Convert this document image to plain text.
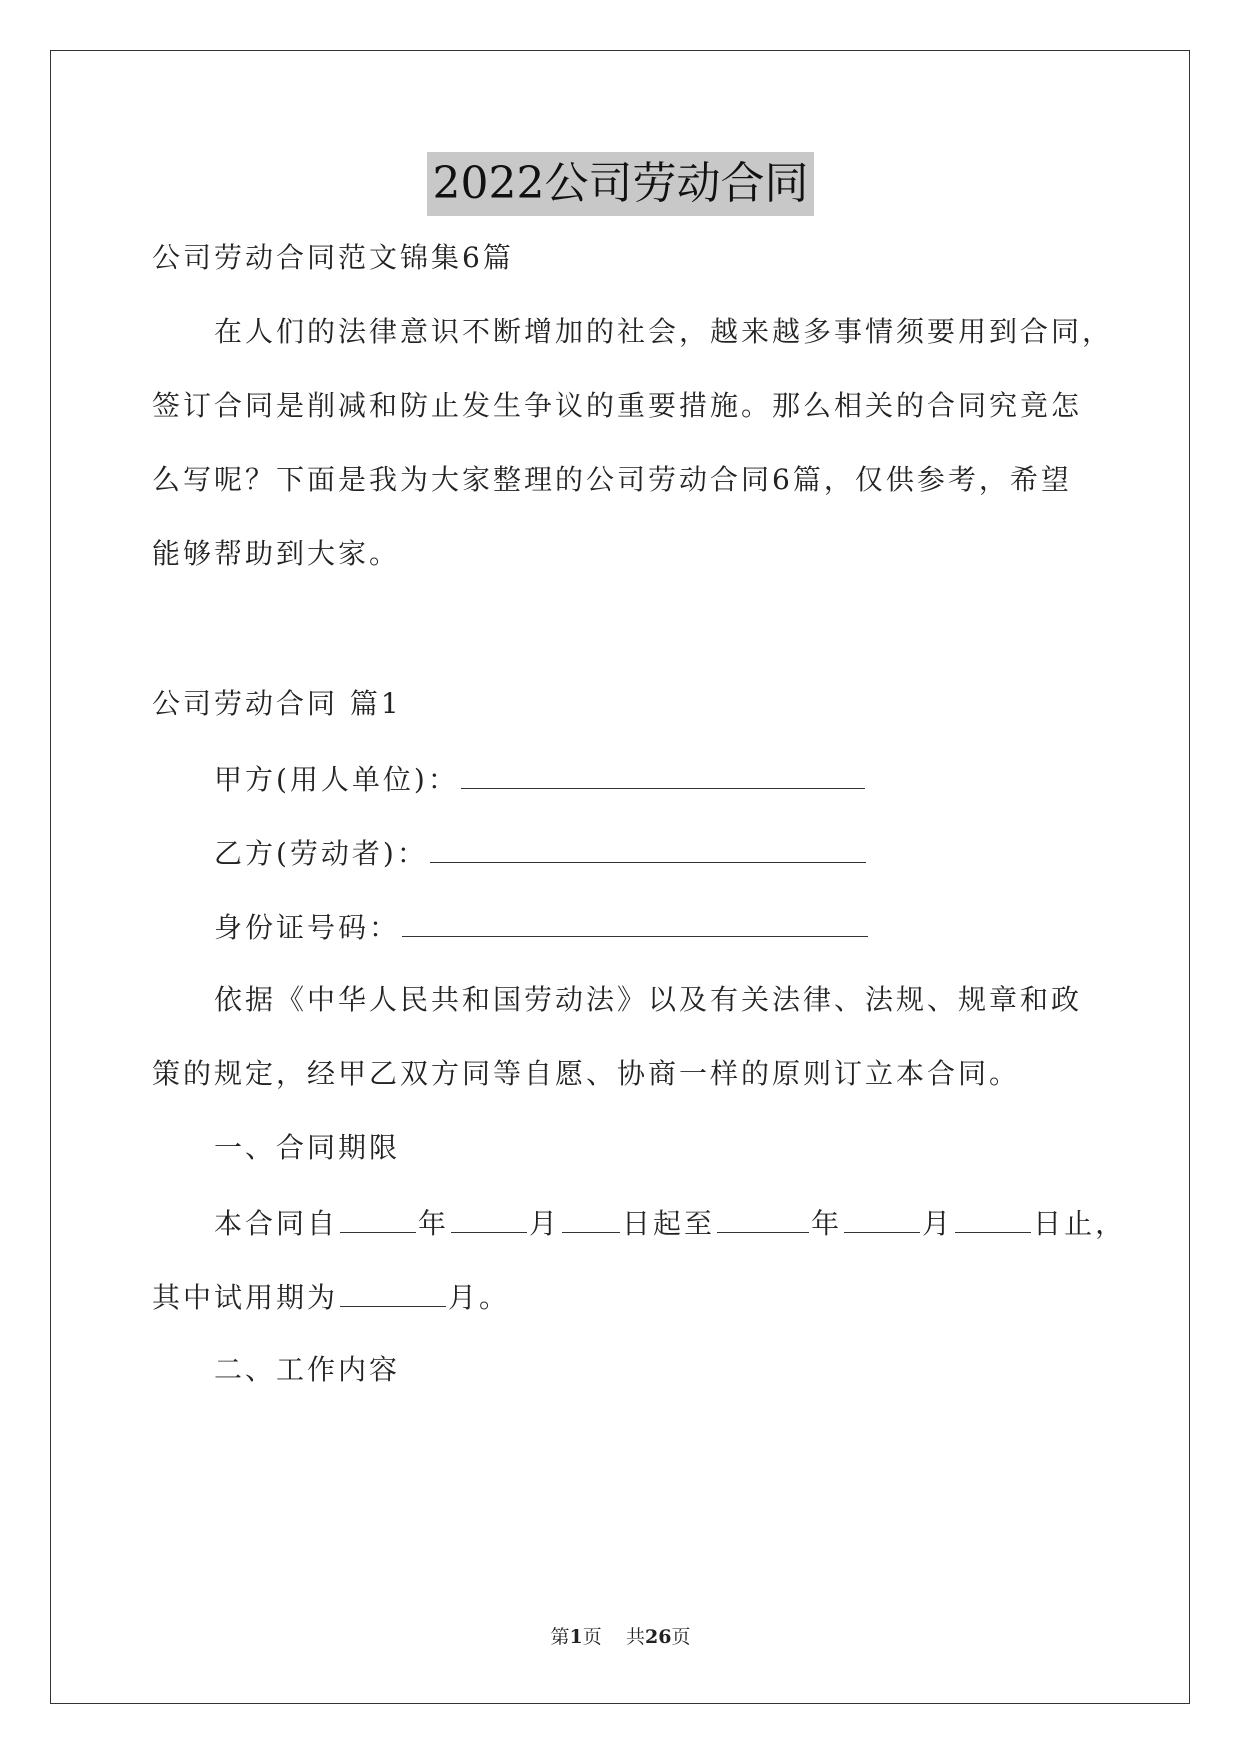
2022公司劳动合同
公司劳动合同范文锦集6篇
在人们的法律意识不断增加的社会，越来越多事情须要用到合同，
签订合同是削减和防止发生争议的重要措施。那么相关的合同究竟怎
么写呢？下面是我为大家整理的公司劳动合同6篇，仅供参考，希望
能够帮助到大家。
公司劳动合同 篇1
甲方(用人单位)：
乙方(劳动者)：
身份证号码：
依据《中华人民共和国劳动法》以及有关法律、法规、规章和政
策的规定，经甲乙双方同等自愿、协商一样的原则订立本合同。
一、合同期限
本合同自	年	月 日起至	年	月	日止，
其中试用期为	月。
二、工作内容
第1页 共26页
